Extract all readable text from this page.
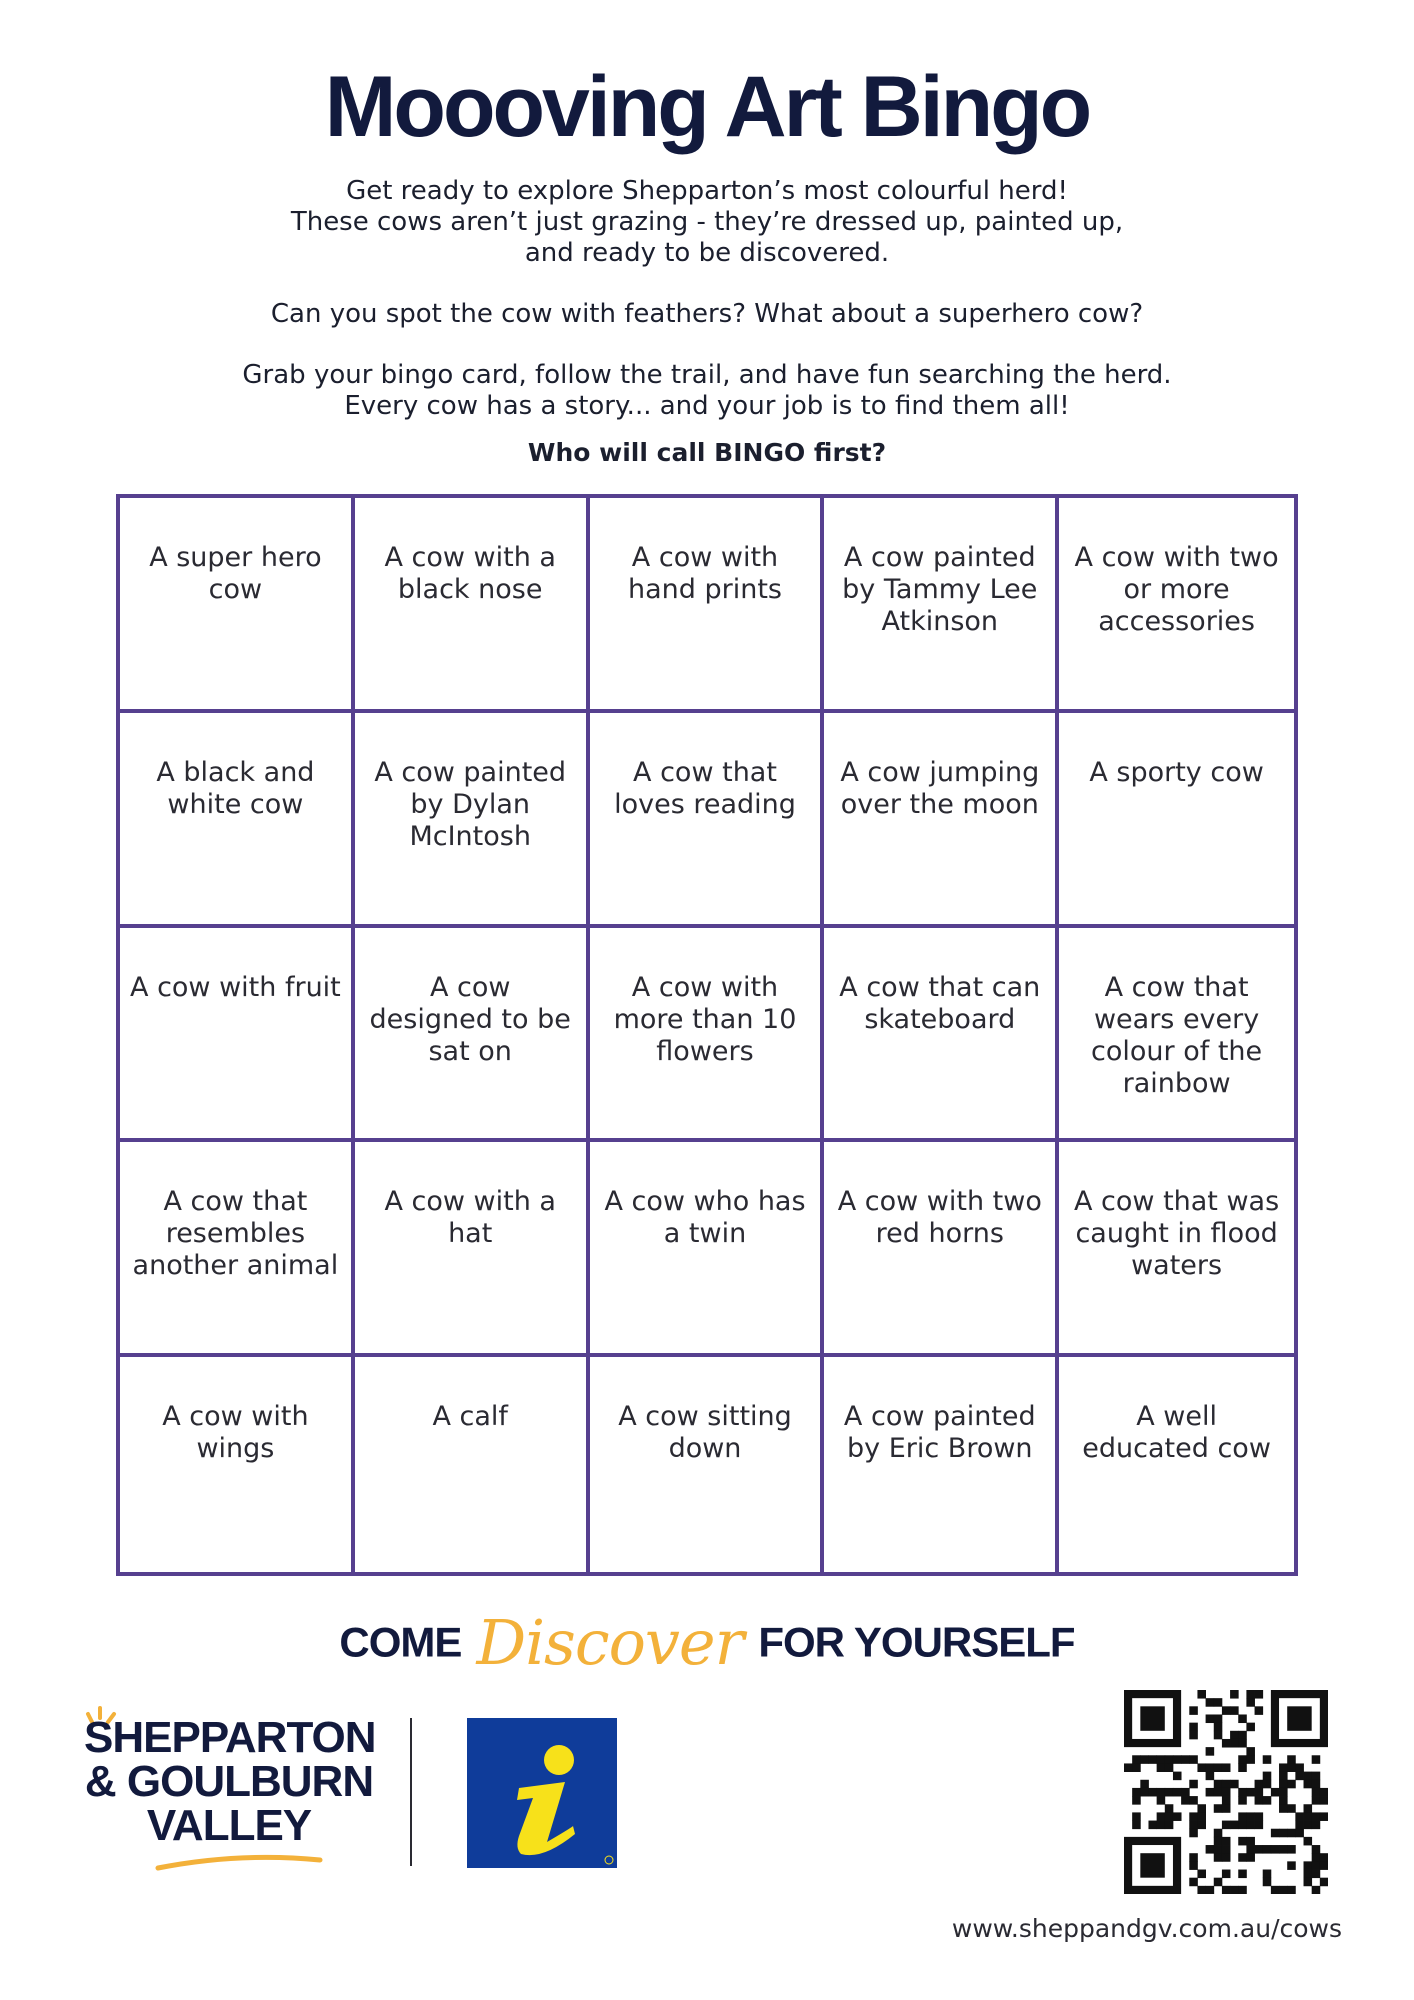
Moooving Art Bingo

Get ready to explore Shepparton’s most colourful herd!
These cows aren’t just grazing - they’re dressed up, painted up,
and ready to be discovered.

Can you spot the cow with feathers? What about a superhero cow?

Grab your bingo card, follow the trail, and have fun searching the herd.
Every cow has a story... and your job is to find them all!

Who will call BINGO first?
A super hero cow
A cow with a black nose
A cow with hand prints
A cow painted by Tammy Lee Atkinson
A cow with two or more accessories
A black and white cow
A cow painted by Dylan McIntosh
A cow that loves reading
A cow jumping over the moon
A sporty cow
A cow with fruit	A cow designed to be sat on
A cow with more than 10 flowers
A cow that can skateboard
A cow that wears every colour of the rainbow
A cow that resembles another animal
A cow with a hat
A cow who has a twin
A cow with two red horns
A cow that was caught in flood waters
A cow with wings
A calf	A cow sitting down
A cow painted by Eric Brown
A well educated cow
COME Discover FOR YOURSELF
SHEPPARTON
& GOULBURN
VALLEY
www.sheppandgv.com.au/cows
